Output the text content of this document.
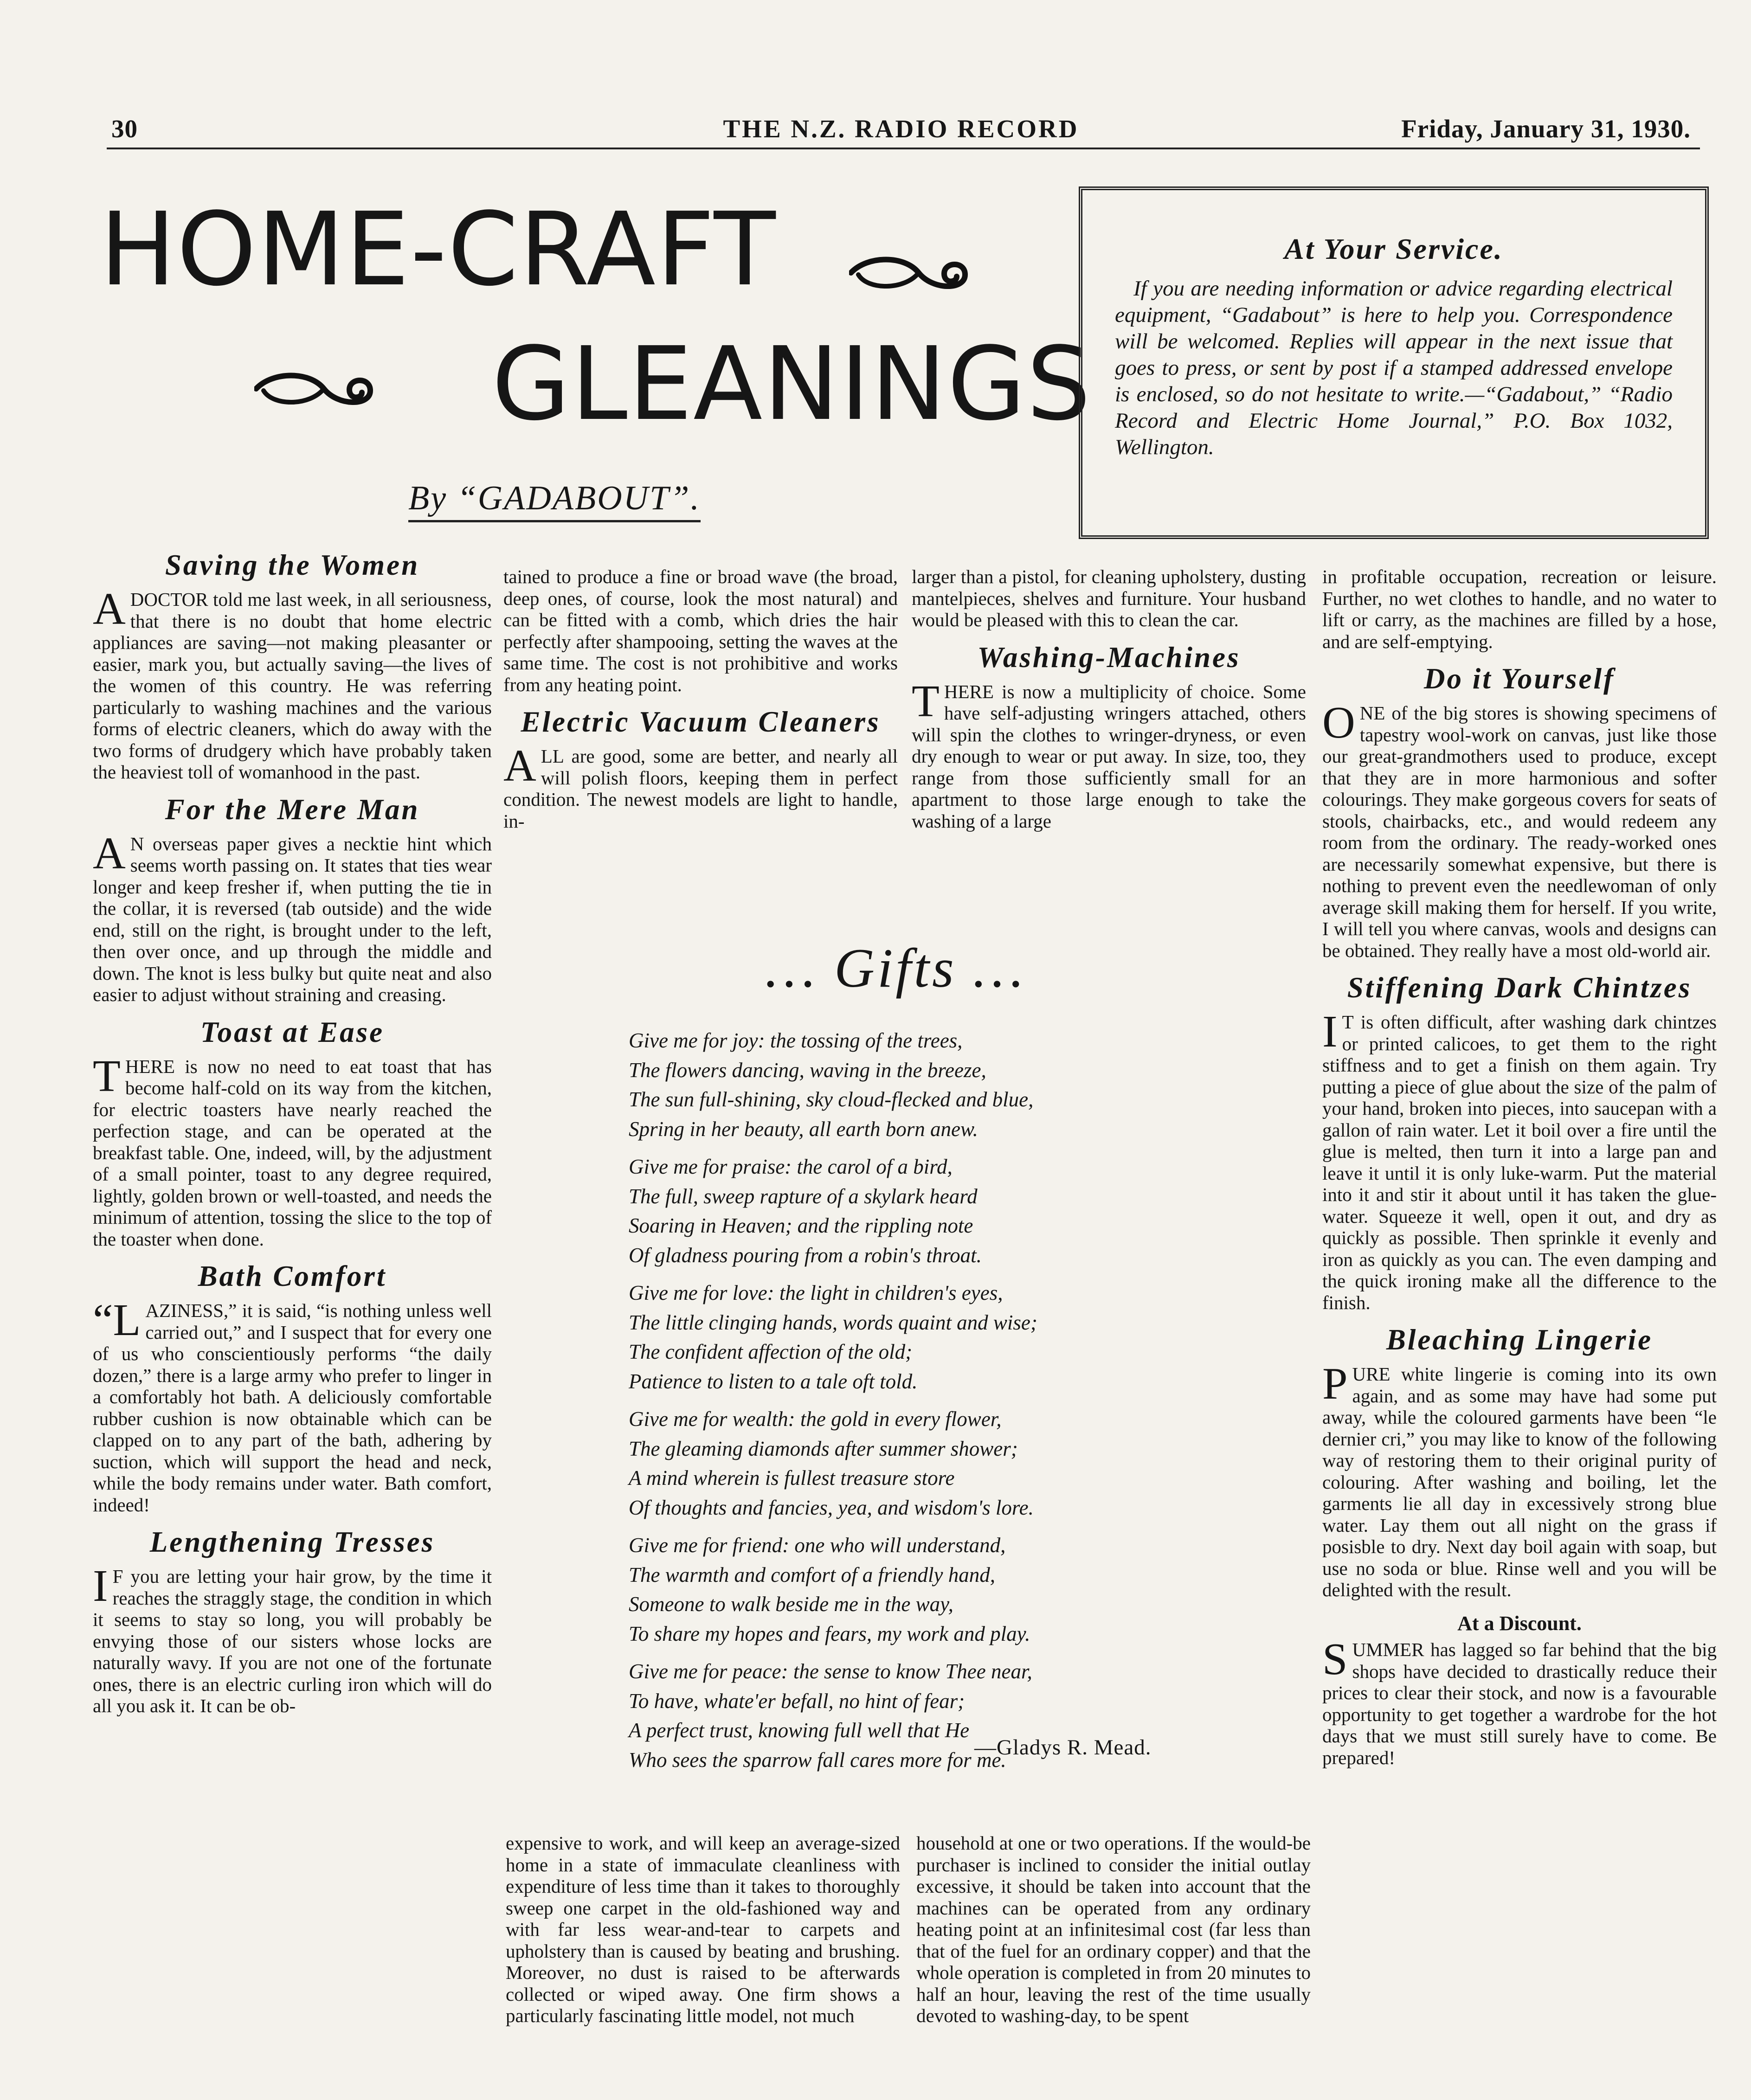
30	THE N.Z. RADIO RECORD	Friday, January 31, 1930.
HOME-CRAFT
GLEANINGS
By “GADABOUT”.
At Your Service.

If you are needing information or advice regarding electrical equipment, “Gadabout” is here to help you. Correspondence will be welcomed. Replies will appear in the next issue that goes to press, or sent by post if a stamped addressed envelope is enclosed, so do not hesitate to write.—“Gadabout,” “Radio Record and Electric Home Journal,” P.O. Box 1032, Wellington.

Saving the Women

ADOCTOR told me last week, in all seriousness, that there is no doubt that home electric appliances are saving—not making pleasanter or easier, mark you, but actually saving—the lives of the women of this country. He was referring particularly to washing machines and the various forms of electric cleaners, which do away with the two forms of drudgery which have probably taken the heaviest toll of womanhood in the past.

For the Mere Man

A N overseas paper gives a necktie hint which seems worth passing on. It states that ties wear longer and keep fresher if, when putting the tie in the collar, it is reversed (tab outside) and the wide end, still on the right, is brought under to the left, then over once, and up through the middle and down. The knot is less bulky but quite neat and also easier to adjust without straining and creasing.

Toast at Ease

THERE is now no need to eat toast that has become half-cold on its way from the kitchen, for electric toasters have nearly reached the perfection stage, and can be operated at the breakfast table. One, indeed, will, by the adjustment of a small pointer, toast to any degree required, lightly, golden brown or well-toasted, and needs the minimum of attention, tossing the slice to the top of the toaster when done.

Bath Comfort

“LAZINESS,” it is said, “is nothing unless well carried out,” and I suspect that for every one of us who conscientiously performs “the daily dozen,” there is a large army who prefer to linger in a comfortably hot bath. A deliciously comfortable rubber cushion is now obtainable which can be clapped on to any part of the bath, adhering by suction, which will support the head and neck, while the body remains under water. Bath comfort, indeed!

Lengthening Tresses

I F you are letting your hair grow, by the time it reaches the straggly stage, the condition in which it seems to stay so long, you will probably be envying those of our sisters whose locks are naturally wavy. If you are not one of the fortunate ones, there is an electric curling iron which will do all you ask it. It can be ob-

tained to produce a fine or broad wave (the broad, deep ones, of course, look the most natural) and can be fitted with a comb, which dries the hair perfectly after shampooing, setting the waves at the same time. The cost is not prohibitive and works from any heating point.

Electric Vacuum Cleaners

ALL are good, some are better, and nearly all will polish floors, keeping them in perfect condition. The newest models are light to handle, in-

larger than a pistol, for cleaning upholstery, dusting mantelpieces, shelves and furniture. Your husband would be pleased with this to clean the car.

Washing-Machines

THERE is now a multiplicity of choice. Some have self-adjusting wringers attached, others will spin the clothes to wringer-dryness, or even dry enough to wear or put away. In size, too, they range from those sufficiently small for an apartment to those large enough to take the washing of a large

… Gifts …
Give me for joy: the tossing of the trees,
The flowers dancing, waving in the breeze,
The sun full-shining, sky cloud-flecked and blue,
Spring in her beauty, all earth born anew.
Give me for praise: the carol of a bird,
The full, sweep rapture of a skylark heard
Soaring in Heaven; and the rippling note
Of gladness pouring from a robin's throat.
Give me for love: the light in children's eyes,
The little clinging hands, words quaint and wise;
The confident affection of the old;
Patience to listen to a tale oft told.
Give me for wealth: the gold in every flower,
The gleaming diamonds after summer shower;
A mind wherein is fullest treasure store
Of thoughts and fancies, yea, and wisdom's lore.
Give me for friend: one who will understand,
The warmth and comfort of a friendly hand,
Someone to walk beside me in the way,
To share my hopes and fears, my work and play.
Give me for peace: the sense to know Thee near,
To have, whate'er befall, no hint of fear;
A perfect trust, knowing full well that He
Who sees the sparrow fall cares more for me.
—Gladys R. Mead.

expensive to work, and will keep an average-sized home in a state of immaculate cleanliness with expenditure of less time than it takes to thoroughly sweep one carpet in the old-fashioned way and with far less wear-and-tear to carpets and upholstery than is caused by beating and brushing. Moreover, no dust is raised to be afterwards collected or wiped away. One firm shows a particularly fascinating little model, not much

household at one or two operations. If the would-be purchaser is inclined to consider the initial outlay excessive, it should be taken into account that the machines can be operated from any ordinary heating point at an infinitesimal cost (far less than that of the fuel for an ordinary copper) and that the whole operation is completed in from 20 minutes to half an hour, leaving the rest of the time usually devoted to washing-day, to be spent

in profitable occupation, recreation or leisure. Further, no wet clothes to handle, and no water to lift or carry, as the machines are filled by a hose, and are self-emptying.

Do it Yourself

ONE of the big stores is showing specimens of tapestry wool-work on canvas, just like those our great-grandmothers used to produce, except that they are in more harmonious and softer colourings. They make gorgeous covers for seats of stools, chairbacks, etc., and would redeem any room from the ordinary. The ready-worked ones are necessarily somewhat expensive, but there is nothing to prevent even the needlewoman of only average skill making them for herself. If you write, I will tell you where canvas, wools and designs can be obtained. They really have a most old-world air.

Stiffening Dark Chintzes

I T is often difficult, after washing dark chintzes or printed calicoes, to get them to the right stiffness and to get a finish on them again. Try putting a piece of glue about the size of the palm of your hand, broken into pieces, into saucepan with a gallon of rain water. Let it boil over a fire until the glue is melted, then turn it into a large pan and leave it until it is only luke-warm. Put the material into it and stir it about until it has taken the glue-water. Squeeze it well, open it out, and dry as quickly as possible. Then sprinkle it evenly and iron as quickly as you can. The even damping and the quick ironing make all the difference to the finish.

Bleaching Lingerie

PURE white lingerie is coming into its own again, and as some may have had some put away, while the coloured garments have been “le dernier cri,” you may like to know of the following way of restoring them to their original purity of colouring. After washing and boiling, let the garments lie all day in excessively strong blue water. Lay them out all night on the grass if posisble to dry. Next day boil again with soap, but use no soda or blue. Rinse well and you will be delighted with the result.

At a Discount.

SUMMER has lagged so far behind that the big shops have decided to drastically reduce their prices to clear their stock, and now is a favourable opportunity to get together a wardrobe for the hot days that we must still surely have to come. Be prepared!
